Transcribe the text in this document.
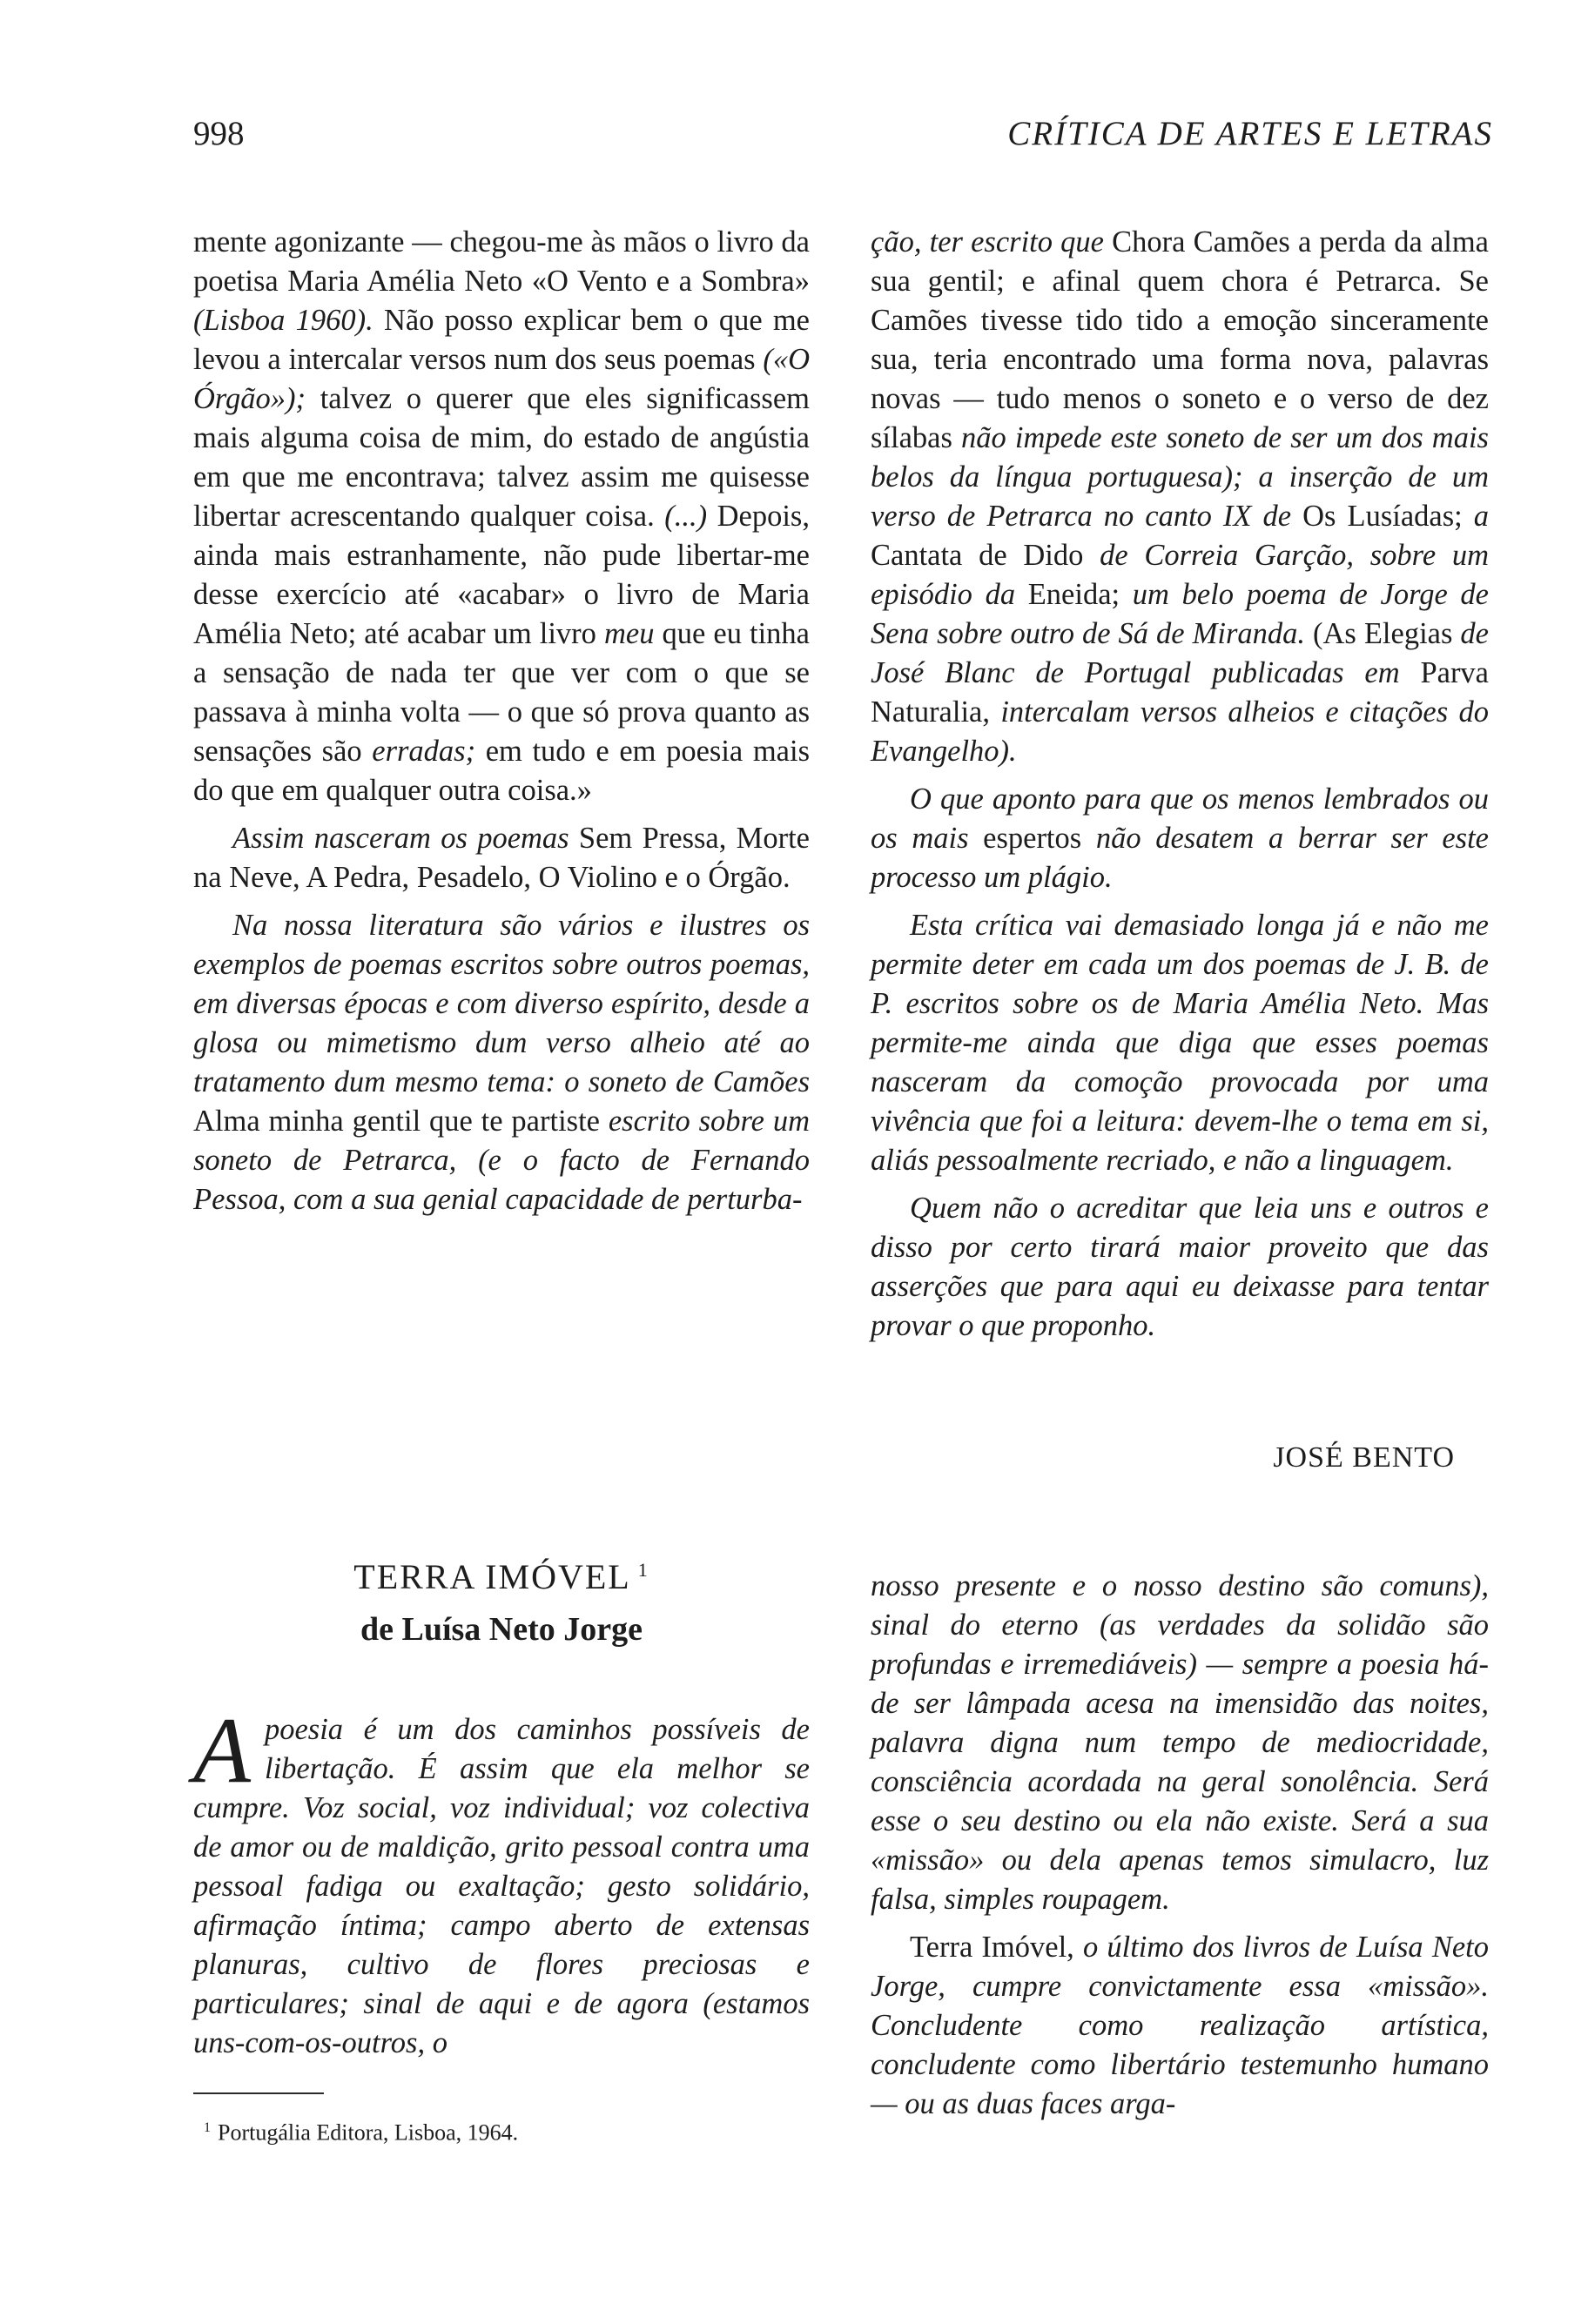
998	CRÍTICA DE ARTES E LETRAS

mente agonizante — chegou-me às mãos o livro da poetisa Maria Amélia Neto «O Vento e a Sombra» (Lisboa 1960). Não posso explicar bem o que me levou a intercalar versos num dos seus poemas («O Órgão»); talvez o querer que eles significassem mais alguma coisa de mim, do estado de angústia em que me encontrava; talvez assim me quisesse libertar acrescentando qualquer coisa. (...) Depois, ainda mais estranhamente, não pude libertar-me desse exercício até «acabar» o livro de Maria Amélia Neto; até acabar um livro meu que eu tinha a sensação de nada ter que ver com o que se passava à minha volta — o que só prova quanto as sensações são erradas; em tudo e em poesia mais do que em qualquer outra coisa.»

Assim nasceram os poemas Sem Pressa, Morte na Neve, A Pedra, Pesadelo, O Violino e o Órgão.

Na nossa literatura são vários e ilustres os exemplos de poemas escritos sobre outros poemas, em diversas épocas e com diverso espírito, desde a glosa ou mimetismo dum verso alheio até ao tratamento dum mesmo tema: o soneto de Camões Alma minha gentil que te partiste escrito sobre um soneto de Petrarca, (e o facto de Fernando Pessoa, com a sua genial capacidade de perturba-

ção, ter escrito que Chora Camões a perda da alma sua gentil; e afinal quem chora é Petrarca. Se Camões tivesse tido tido a emoção sinceramente sua, teria encontrado uma forma nova, palavras novas — tudo menos o soneto e o verso de dez sílabas não impede este soneto de ser um dos mais belos da língua portuguesa); a inserção de um verso de Petrarca no canto IX de Os Lusíadas; a Cantata de Dido de Correia Garção, sobre um episódio da Eneida; um belo poema de Jorge de Sena sobre outro de Sá de Miranda. (As Elegias de José Blanc de Portugal publicadas em Parva Naturalia, intercalam versos alheios e citações do Evangelho).

O que aponto para que os menos lembrados ou os mais espertos não desatem a berrar ser este processo um plágio.

Esta crítica vai demasiado longa já e não me permite deter em cada um dos poemas de J. B. de P. escritos sobre os de Maria Amélia Neto. Mas permite-me ainda que diga que esses poemas nasceram da comoção provocada por uma vivência que foi a leitura: devem-lhe o tema em si, aliás pessoalmente recriado, e não a linguagem.

Quem não o acreditar que leia uns e outros e disso por certo tirará maior proveito que das asserções que para aqui eu deixasse para tentar provar o que proponho.

JOSÉ BENTO
TERRA IMÓVEL $^1$
de Luísa Neto Jorge

Apoesia é um dos caminhos possíveis de libertação. É assim que ela melhor se cumpre. Voz social, voz individual; voz colectiva de amor ou de maldição, grito pessoal contra uma pessoal fadiga ou exaltação; gesto solidário, afirmação íntima; campo aberto de extensas planuras, cultivo de flores preciosas e particulares; sinal de aqui e de agora (estamos uns-com-os-outros, o

nosso presente e o nosso destino são comuns), sinal do eterno (as verdades da solidão são profundas e irremediáveis) — sempre a poesia há-de ser lâmpada acesa na imensidão das noites, palavra digna num tempo de mediocridade, consciência acordada na geral sonolência. Será esse o seu destino ou ela não existe. Será a sua «missão» ou dela apenas temos simulacro, luz falsa, simples roupagem.

Terra Imóvel, o último dos livros de Luísa Neto Jorge, cumpre convictamente essa «missão». Concludente como realização artística, concludente como libertário testemunho humano — ou as duas faces arga-

$^1$ Portugália Editora, Lisboa, 1964.
